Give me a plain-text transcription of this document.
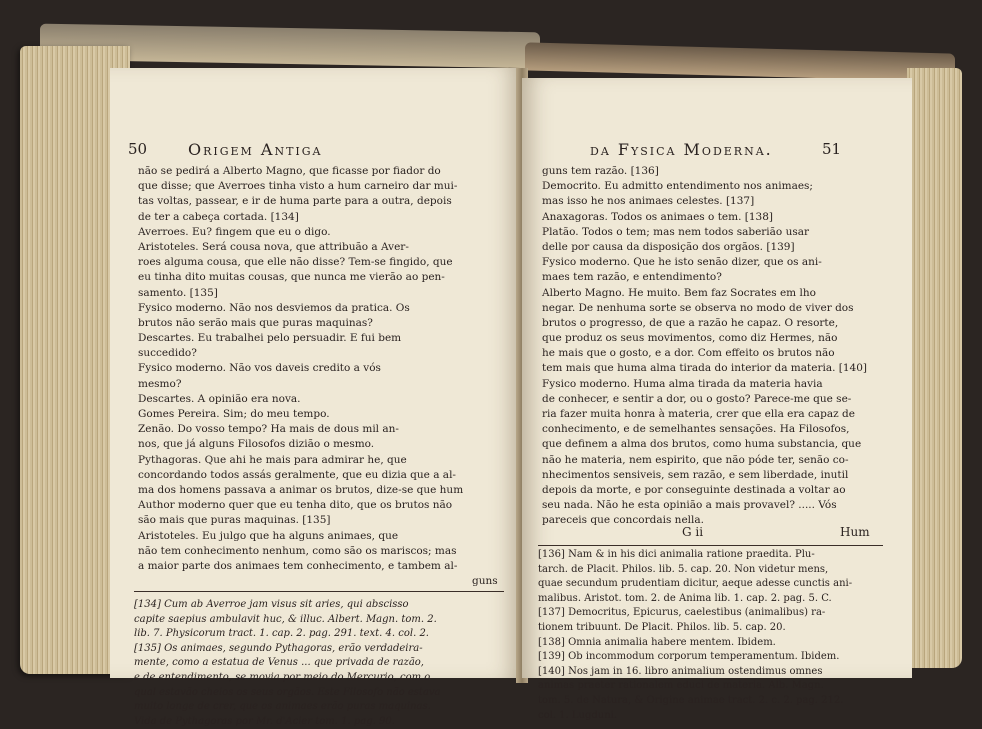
50	Origem Antiga
não se pedirá a Alberto Magno, que ficasse por fiador do
que disse; que Averroes tinha visto a hum carneiro dar mui-
tas voltas, passear, e ir de huma parte para a outra, depois
de ter a cabeça cortada. [134]
Averroes. Eu? fingem que eu o digo.
Aristoteles. Será cousa nova, que attribuão a Aver-
roes alguma cousa, que elle não disse? Tem-se fingido, que
eu tinha dito muitas cousas, que nunca me vierão ao pen-
samento. [135]
Fysico moderno. Não nos desviemos da pratica. Os
brutos não serão mais que puras maquinas?
Descartes. Eu trabalhei pelo persuadir. E fui bem
succedido?
Fysico moderno. Não vos daveis credito a vós
mesmo?
Descartes. A opinião era nova.
Gomes Pereira. Sim; do meu tempo.
Zenão. Do vosso tempo? Ha mais de dous mil an-
nos, que já alguns Filosofos dizião o mesmo.
Pythagoras. Que ahi he mais para admirar he, que
concordando todos assás geralmente, que eu dizia que a al-
ma dos homens passava a animar os brutos, dize-se que hum
Author moderno quer que eu tenha dito, que os brutos não
são mais que puras maquinas. [135]
Aristoteles. Eu julgo que ha alguns animaes, que
não tem conhecimento nenhum, como são os mariscos; mas
a maior parte dos animaes tem conhecimento, e tambem al-
guns
[134] Cum ab Averroe jam visus sit aries, qui abscisso
capite saepius ambulavit huc, & illuc. Albert. Magn. tom. 2.
lib. 7. Physicorum tract. 1. cap. 2. pag. 291. text. 4. col. 2.
[135] Os animaes, segundo Pythagoras, erão verdadeira-
mente, como a estatua de Venus ... que privada de razão,
e de entendimento, se movia por meio do Mercurio, com o
qual estavão cheios os seus orgãos. Este Filosofo não estava
muito longe de crer, que os animaes erão puras maquinas.
Vida de Pythagoras por Mr. d'Acier tom. 1. pag. 90.
da Fysica Moderna.	51
guns tem razão. [136]
Democrito. Eu admitto entendimento nos animaes;
mas isso he nos animaes celestes. [137]
Anaxagoras. Todos os animaes o tem. [138]
Platão. Todos o tem; mas nem todos saberião usar
delle por causa da disposição dos orgãos. [139]
Fysico moderno. Que he isto senão dizer, que os ani-
maes tem razão, e entendimento?
Alberto Magno. He muito. Bem faz Socrates em lho
negar. De nenhuma sorte se observa no modo de viver dos
brutos o progresso, de que a razão he capaz. O resorte,
que produz os seus movimentos, como diz Hermes, não
he mais que o gosto, e a dor. Com effeito os brutos não
tem mais que huma alma tirada do interior da materia. [140]
Fysico moderno. Huma alma tirada da materia havia
de conhecer, e sentir a dor, ou o gosto? Parece-me que se-
ria fazer muita honra à materia, crer que ella era capaz de
conhecimento, e de semelhantes sensações. Ha Filosofos,
que definem a alma dos brutos, como huma substancia, que
não he materia, nem espirito, que não póde ter, senão co-
nhecimentos sensiveis, sem razão, e sem liberdade, inutil
depois da morte, e por conseguinte destinada a voltar ao
seu nada. Não he esta opinião a mais provavel? ..... Vós
pareceis que concordais nella.
G ii	Hum
[136] Nam & in his dici animalia ratione praedita. Plu-
tarch. de Placit. Philos. lib. 5. cap. 20. Non videtur mens,
quae secundum prudentiam dicitur, aeque adesse cunctis ani-
malibus. Aristot. tom. 2. de Anima lib. 1. cap. 2. pag. 5. C.
[137] Democritus, Epicurus, caelestibus (animalibus) ra-
tionem tribuunt. De Placit. Philos. lib. 5. cap. 20.
[138] Omnia animalia habere mentem. Ibidem.
[139] Ob incommodum corporum temperamentum. Ibidem.
[140] Nos jam in 16. libro animalium ostendimus omnes
animas praeter rationalem educi de materia. Alb. Magn.
tom. 5. de Natura, & Origine animae tract. 2. c. 2. pag. 212.
col. 1. Lugduni.
